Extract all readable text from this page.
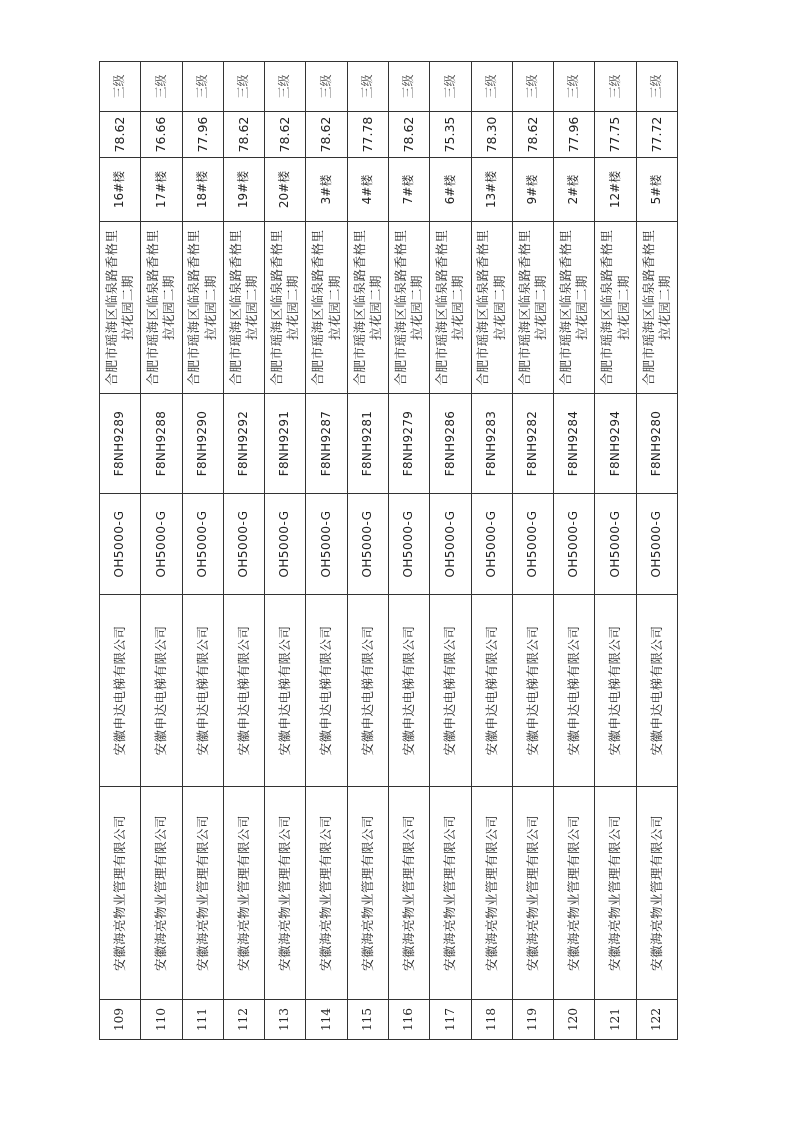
109	安徽海亮物业管理有限公司	安徽申达电梯有限公司	OH5000-G	F8NH9289	合肥市瑶海区临泉路香格里 拉花园二期	16#楼	78.62	三级
110	安徽海亮物业管理有限公司	安徽申达电梯有限公司	OH5000-G	F8NH9288	合肥市瑶海区临泉路香格里 拉花园二期	17#楼	76.66	三级
111	安徽海亮物业管理有限公司	安徽申达电梯有限公司	OH5000-G	F8NH9290	合肥市瑶海区临泉路香格里 拉花园二期	18#楼	77.96	三级
112	安徽海亮物业管理有限公司	安徽申达电梯有限公司	OH5000-G	F8NH9292	合肥市瑶海区临泉路香格里 拉花园二期	19#楼	78.62	三级
113	安徽海亮物业管理有限公司	安徽申达电梯有限公司	OH5000-G	F8NH9291	合肥市瑶海区临泉路香格里 拉花园二期	20#楼	78.62	三级
114	安徽海亮物业管理有限公司	安徽申达电梯有限公司	OH5000-G	F8NH9287	合肥市瑶海区临泉路香格里 拉花园二期	3#楼	78.62	三级
115	安徽海亮物业管理有限公司	安徽申达电梯有限公司	OH5000-G	F8NH9281	合肥市瑶海区临泉路香格里 拉花园二期	4#楼	77.78	三级
116	安徽海亮物业管理有限公司	安徽申达电梯有限公司	OH5000-G	F8NH9279	合肥市瑶海区临泉路香格里 拉花园二期	7#楼	78.62	三级
117	安徽海亮物业管理有限公司	安徽申达电梯有限公司	OH5000-G	F8NH9286	合肥市瑶海区临泉路香格里 拉花园二期	6#楼	75.35	三级
118	安徽海亮物业管理有限公司	安徽申达电梯有限公司	OH5000-G	F8NH9283	合肥市瑶海区临泉路香格里 拉花园二期	13#楼	78.30	三级
119	安徽海亮物业管理有限公司	安徽申达电梯有限公司	OH5000-G	F8NH9282	合肥市瑶海区临泉路香格里 拉花园二期	9#楼	78.62	三级
120	安徽海亮物业管理有限公司	安徽申达电梯有限公司	OH5000-G	F8NH9284	合肥市瑶海区临泉路香格里 拉花园二期	2#楼	77.96	三级
121	安徽海亮物业管理有限公司	安徽申达电梯有限公司	OH5000-G	F8NH9294	合肥市瑶海区临泉路香格里 拉花园二期	12#楼	77.75	三级
122	安徽海亮物业管理有限公司	安徽申达电梯有限公司	OH5000-G	F8NH9280	合肥市瑶海区临泉路香格里 拉花园二期	5#楼	77.72	三级
